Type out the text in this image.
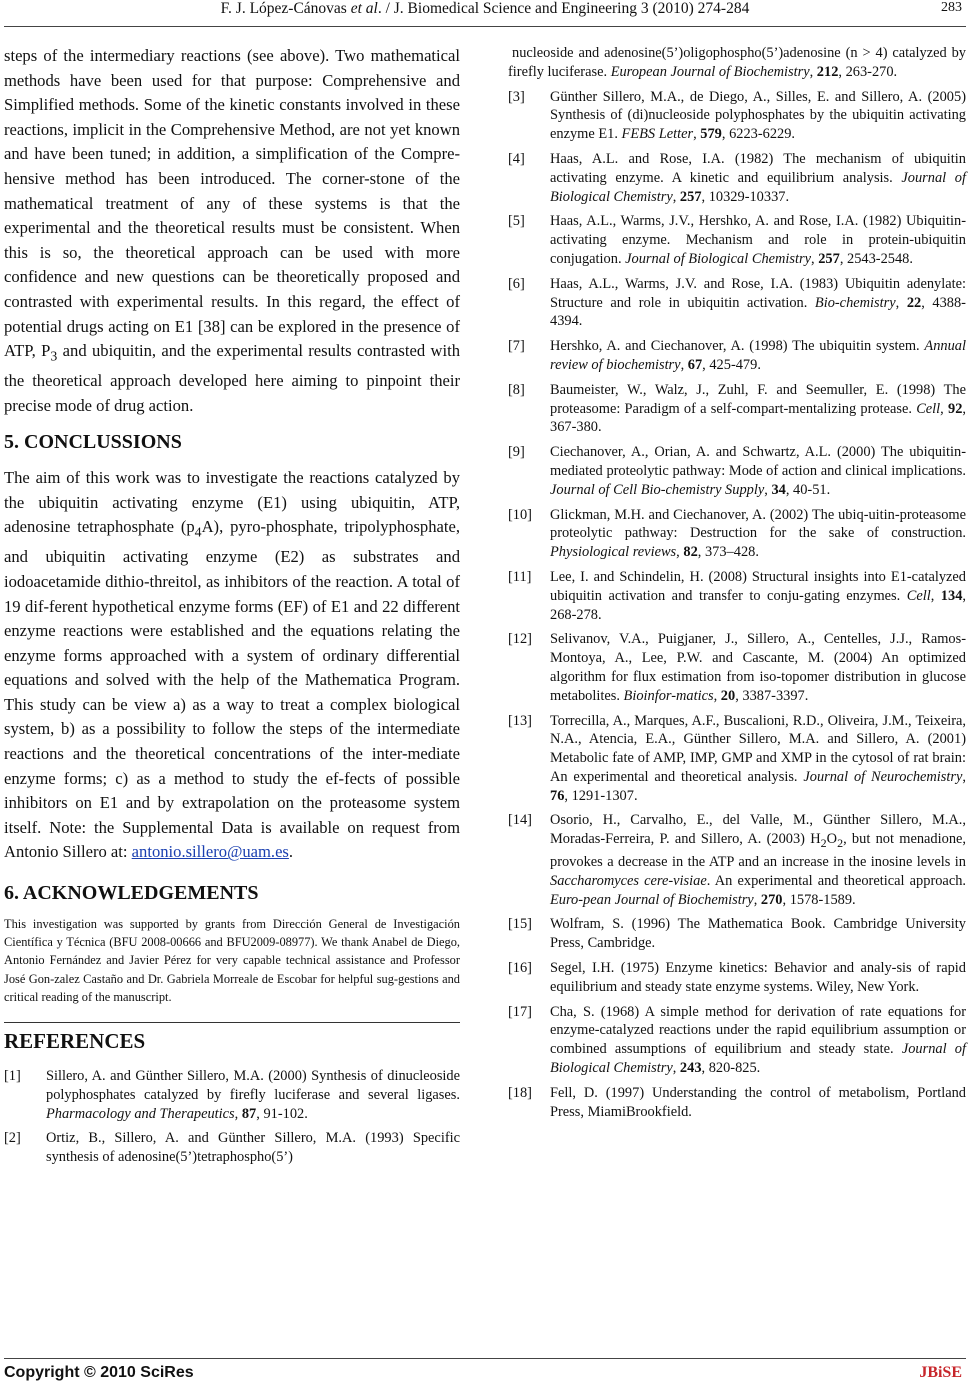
F. J. López-Cánovas et al. / J. Biomedical Science and Engineering 3 (2010) 274-284	283

steps of the intermediary reactions (see above). Two mathematical methods have been used for that purpose: Comprehensive and Simplified methods. Some of the kinetic constants involved in these reactions, implicit in the Comprehensive Method, are not yet known and have been tuned; in addition, a simplification of the Compre-hensive method has been introduced. The corner-stone of the mathematical treatment of any of these systems is that the experimental and the theoretical results must be consistent. When this is so, the theoretical approach can be used with more confidence and new questions can be theoretically proposed and contrasted with experimental results. In this regard, the effect of potential drugs acting on E1 [38] can be explored in the presence of ATP, $P_3$ and ubiquitin, and the experimental results contrasted with the theoretical approach developed here aiming to pinpoint their precise mode of drug action.

5. CONCLUSSIONS

The aim of this work was to investigate the reactions catalyzed by the ubiquitin activating enzyme (E1) using ubiquitin, ATP, adenosine tetraphosphate $(p_4A)$, pyro-phosphate, tripolyphosphate, and ubiquitin activating enzyme (E2) as substrates and iodoacetamide dithio-threitol, as inhibitors of the reaction. A total of 19 dif-ferent hypothetical enzyme forms (EF) of E1 and 22 different enzyme reactions were established and the equations relating the enzyme forms approached with a system of ordinary differential equations and solved with the help of the Mathematica Program. This study can be view a) as a way to treat a complex biological system, b) as a possibility to follow the steps of the intermediate reactions and the theoretical concentrations of the inter-mediate enzyme forms; c) as a method to study the ef-fects of possible inhibitors on E1 and by extrapolation on the proteasome system itself. Note: the Supplemental Data is available on request from Antonio Sillero at: antonio.sillero@uam.es.

6. ACKNOWLEDGEMENTS

This investigation was supported by grants from Dirección General de Investigación Científica y Técnica (BFU 2008-00666 and BFU2009-08977). We thank Anabel de Diego, Antonio Fernández and Javier Pérez for very capable technical assistance and Professor José Gon-zalez Castaño and Dr. Gabriela Morreale de Escobar for helpful sug-gestions and critical reading of the manuscript.

REFERENCES
[1]	Sillero, A. and Günther Sillero, M.A. (2000) Synthesis of dinucleoside polyphosphates catalyzed by firefly luciferase and several ligases. Pharmacology and Therapeutics, 87, 91-102.
[2]	Ortiz, B., Sillero, A. and Günther Sillero, M.A. (1993) Specific synthesis of adenosine(5’)tetraphospho(5’)
nucleoside and adenosine(5’)oligophospho(5’)adenosine (n > 4) catalyzed by firefly luciferase. European Journal of Biochemistry, 212, 263-270.
[3]	Günther Sillero, M.A., de Diego, A., Silles, E. and Sillero, A. (2005) Synthesis of (di)nucleoside polyphosphates by the ubiquitin activating enzyme E1. FEBS Letter, 579, 6223-6229.
[4]	Haas, A.L. and Rose, I.A. (1982) The mechanism of ubiquitin activating enzyme. A kinetic and equilibrium analysis. Journal of Biological Chemistry, 257, 10329-10337.
[5]	Haas, A.L., Warms, J.V., Hershko, A. and Rose, I.A. (1982) Ubiquitin-activating enzyme. Mechanism and role in protein-ubiquitin conjugation. Journal of Biological Chemistry, 257, 2543-2548.
[6]	Haas, A.L., Warms, J.V. and Rose, I.A. (1983) Ubiquitin adenylate: Structure and role in ubiquitin activation. Bio-chemistry, 22, 4388-4394.
[7]	Hershko, A. and Ciechanover, A. (1998) The ubiquitin system. Annual review of biochemistry, 67, 425-479.
[8]	Baumeister, W., Walz, J., Zuhl, F. and Seemuller, E. (1998) The proteasome: Paradigm of a self-compart-mentalizing protease. Cell, 92, 367-380.
[9]	Ciechanover, A., Orian, A. and Schwartz, A.L. (2000) The ubiquitin-mediated proteolytic pathway: Mode of action and clinical implications. Journal of Cell Bio-chemistry Supply, 34, 40-51.
[10]	Glickman, M.H. and Ciechanover, A. (2002) The ubiq-uitin-proteasome proteolytic pathway: Destruction for the sake of construction. Physiological reviews, 82, 373–428.
[11]	Lee, I. and Schindelin, H. (2008) Structural insights into E1-catalyzed ubiquitin activation and transfer to conju-gating enzymes. Cell, 134, 268-278.
[12]	Selivanov, V.A., Puigjaner, J., Sillero, A., Centelles, J.J., Ramos-Montoya, A., Lee, P.W. and Cascante, M. (2004) An optimized algorithm for flux estimation from iso-topomer distribution in glucose metabolites. Bioinfor-matics, 20, 3387-3397.
[13]	Torrecilla, A., Marques, A.F., Buscalioni, R.D., Oliveira, J.M., Teixeira, N.A., Atencia, E.A., Günther Sillero, M.A. and Sillero, A. (2001) Metabolic fate of AMP, IMP, GMP and XMP in the cytosol of rat brain: An experimental and theoretical analysis. Journal of Neurochemistry, 76, 1291-1307.
[14]	Osorio, H., Carvalho, E., del Valle, M., Günther Sillero, M.A., Moradas-Ferreira, P. and Sillero, A. (2003) $H_2O_2$, but not menadione, provokes a decrease in the ATP and an increase in the inosine levels in Saccharomyces cere-visiae. An experimental and theoretical approach. Euro-pean Journal of Biochemistry, 270, 1578-1589.
[15]	Wolfram, S. (1996) The Mathematica Book. Cambridge University Press, Cambridge.
[16]	Segel, I.H. (1975) Enzyme kinetics: Behavior and analy-sis of rapid equilibrium and steady state enzyme systems. Wiley, New York.
[17]	Cha, S. (1968) A simple method for derivation of rate equations for enzyme-catalyzed reactions under the rapid equilibrium assumption or combined assumptions of equilibrium and steady state. Journal of Biological Chemistry, 243, 820-825.
[18]	Fell, D. (1997) Understanding the control of metabolism, Portland Press, MiamiBrookfield.
Copyright © 2010 SciRes	JBiSE
